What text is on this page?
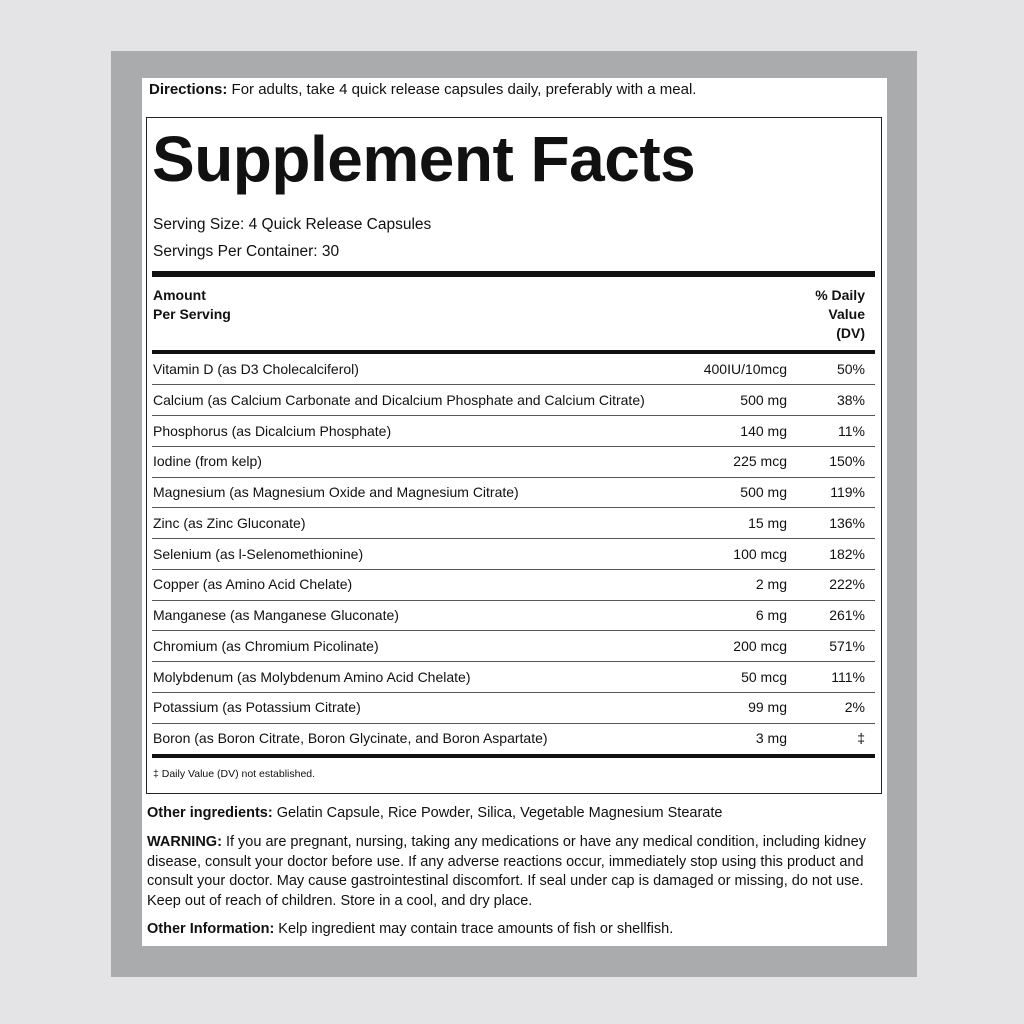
Directions: For adults, take 4 quick release capsules daily, preferably with a meal.
Supplement Facts
Serving Size: 4 Quick Release Capsules
Servings Per Container: 30
Amount
Per Serving
% Daily
Value
(DV)
Vitamin D (as D3 Cholecalciferol)	400IU/10mcg	50%
Calcium (as Calcium Carbonate and Dicalcium Phosphate and Calcium Citrate)	500 mg	38%
Phosphorus (as Dicalcium Phosphate)	140 mg	11%
Iodine (from kelp)	225 mcg	150%
Magnesium (as Magnesium Oxide and Magnesium Citrate)	500 mg	119%
Zinc (as Zinc Gluconate)	15 mg	136%
Selenium (as l-Selenomethionine)	100 mcg	182%
Copper (as Amino Acid Chelate)	2 mg	222%
Manganese (as Manganese Gluconate)	6 mg	261%
Chromium (as Chromium Picolinate)	200 mcg	571%
Molybdenum (as Molybdenum Amino Acid Chelate)	50 mcg	111%
Potassium (as Potassium Citrate)	99 mg	2%
Boron (as Boron Citrate, Boron Glycinate, and Boron Aspartate)	3 mg	‡
‡ Daily Value (DV) not established.
Other ingredients: Gelatin Capsule, Rice Powder, Silica, Vegetable Magnesium Stearate
WARNING: If you are pregnant, nursing, taking any medications or have any medical condition, including kidney disease, consult your doctor before use. If any adverse reactions occur, immediately stop using this product and consult your doctor. May cause gastrointestinal discomfort. If seal under cap is damaged or missing, do not use. Keep out of reach of children. Store in a cool, and dry place.
Other Information: Kelp ingredient may contain trace amounts of fish or shellfish.
